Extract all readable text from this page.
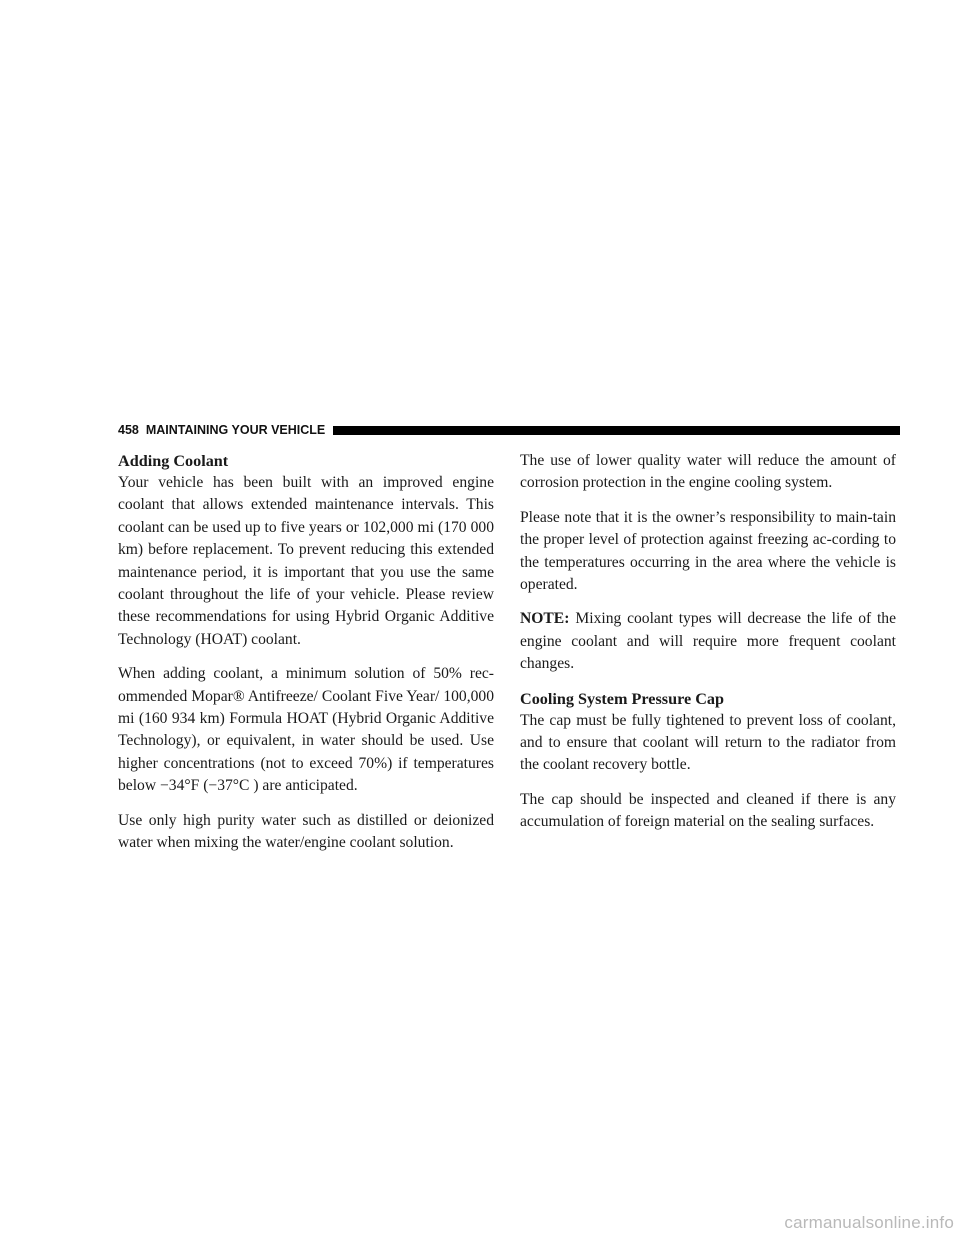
458 MAINTAINING YOUR VEHICLE
Adding Coolant

Your vehicle has been built with an improved engine coolant that allows extended maintenance intervals. This coolant can be used up to five years or 102,000 mi (170 000 km) before replacement. To prevent reducing this extended maintenance period, it is important that you use the same coolant throughout the life of your vehicle. Please review these recommendations for using Hybrid Organic Additive Technology (HOAT) coolant.

When adding coolant, a minimum solution of 50% rec-ommended Mopar® Antifreeze/ Coolant Five Year/ 100,000 mi (160 934 km) Formula HOAT (Hybrid Organic Additive Technology), or equivalent, in water should be used. Use higher concentrations (not to exceed 70%) if temperatures below −34°F (−37°C ) are anticipated.

Use only high purity water such as distilled or deionized water when mixing the water/engine coolant solution.

The use of lower quality water will reduce the amount of corrosion protection in the engine cooling system.

Please note that it is the owner’s responsibility to main-tain the proper level of protection against freezing ac-cording to the temperatures occurring in the area where the vehicle is operated.

NOTE: Mixing coolant types will decrease the life of the engine coolant and will require more frequent coolant changes.

Cooling System Pressure Cap

The cap must be fully tightened to prevent loss of coolant, and to ensure that coolant will return to the radiator from the coolant recovery bottle.

The cap should be inspected and cleaned if there is any accumulation of foreign material on the sealing surfaces.

carmanualsonline.info
